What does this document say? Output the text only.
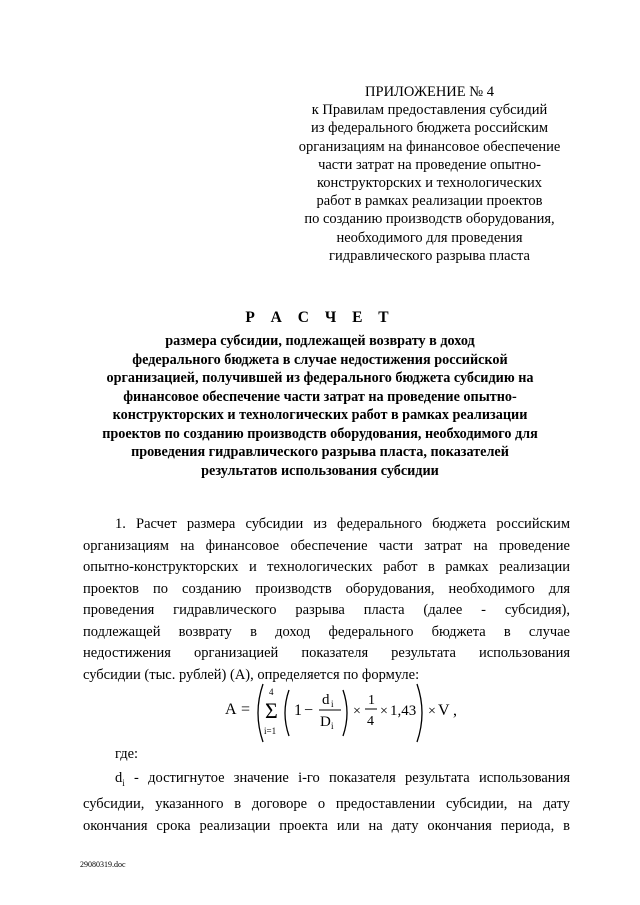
ПРИЛОЖЕНИЕ № 4
к Правилам предоставления субсидий
из федерального бюджета российским
организациям на финансовое обеспечение
части затрат на проведение опытно-
конструкторских и технологических
работ в рамках реализации проектов
по созданию производств оборудования,
необходимого для проведения
гидравлического разрыва пласта
Р А С Ч Е Т
размера субсидии, подлежащей возврату в доход
федерального бюджета в случае недостижения российской
организацией, получившей из федерального бюджета субсидию на
финансовое обеспечение части затрат на проведение опытно-
конструкторских и технологических работ в рамках реализации
проектов по созданию производств оборудования, необходимого для
проведения гидравлического разрыва пласта, показателей
результатов использования субсидии
1. Расчет размера субсидии из федерального бюджета российским
организациям на финансовое обеспечение части затрат на проведение
опытно-конструкторских и технологических работ в рамках реализации
проектов по созданию производств оборудования, необходимого для
проведения гидравлического разрыва пласта (далее - субсидия),
подлежащей возврату в доход федерального бюджета в случае
недостижения организацией показателя результата использования
субсидии (тыс. рублей) (A), определяется по формуле:
A =
4
Σ
i=1
1 −
d i
D i
×
1
4
× 1,43 × V ,
где:
$d_i$ - достигнутое значение i-го показателя результата использования
субсидии, указанного в договоре о предоставлении субсидии, на дату
окончания срока реализации проекта или на дату окончания периода, в
29080319.doc
